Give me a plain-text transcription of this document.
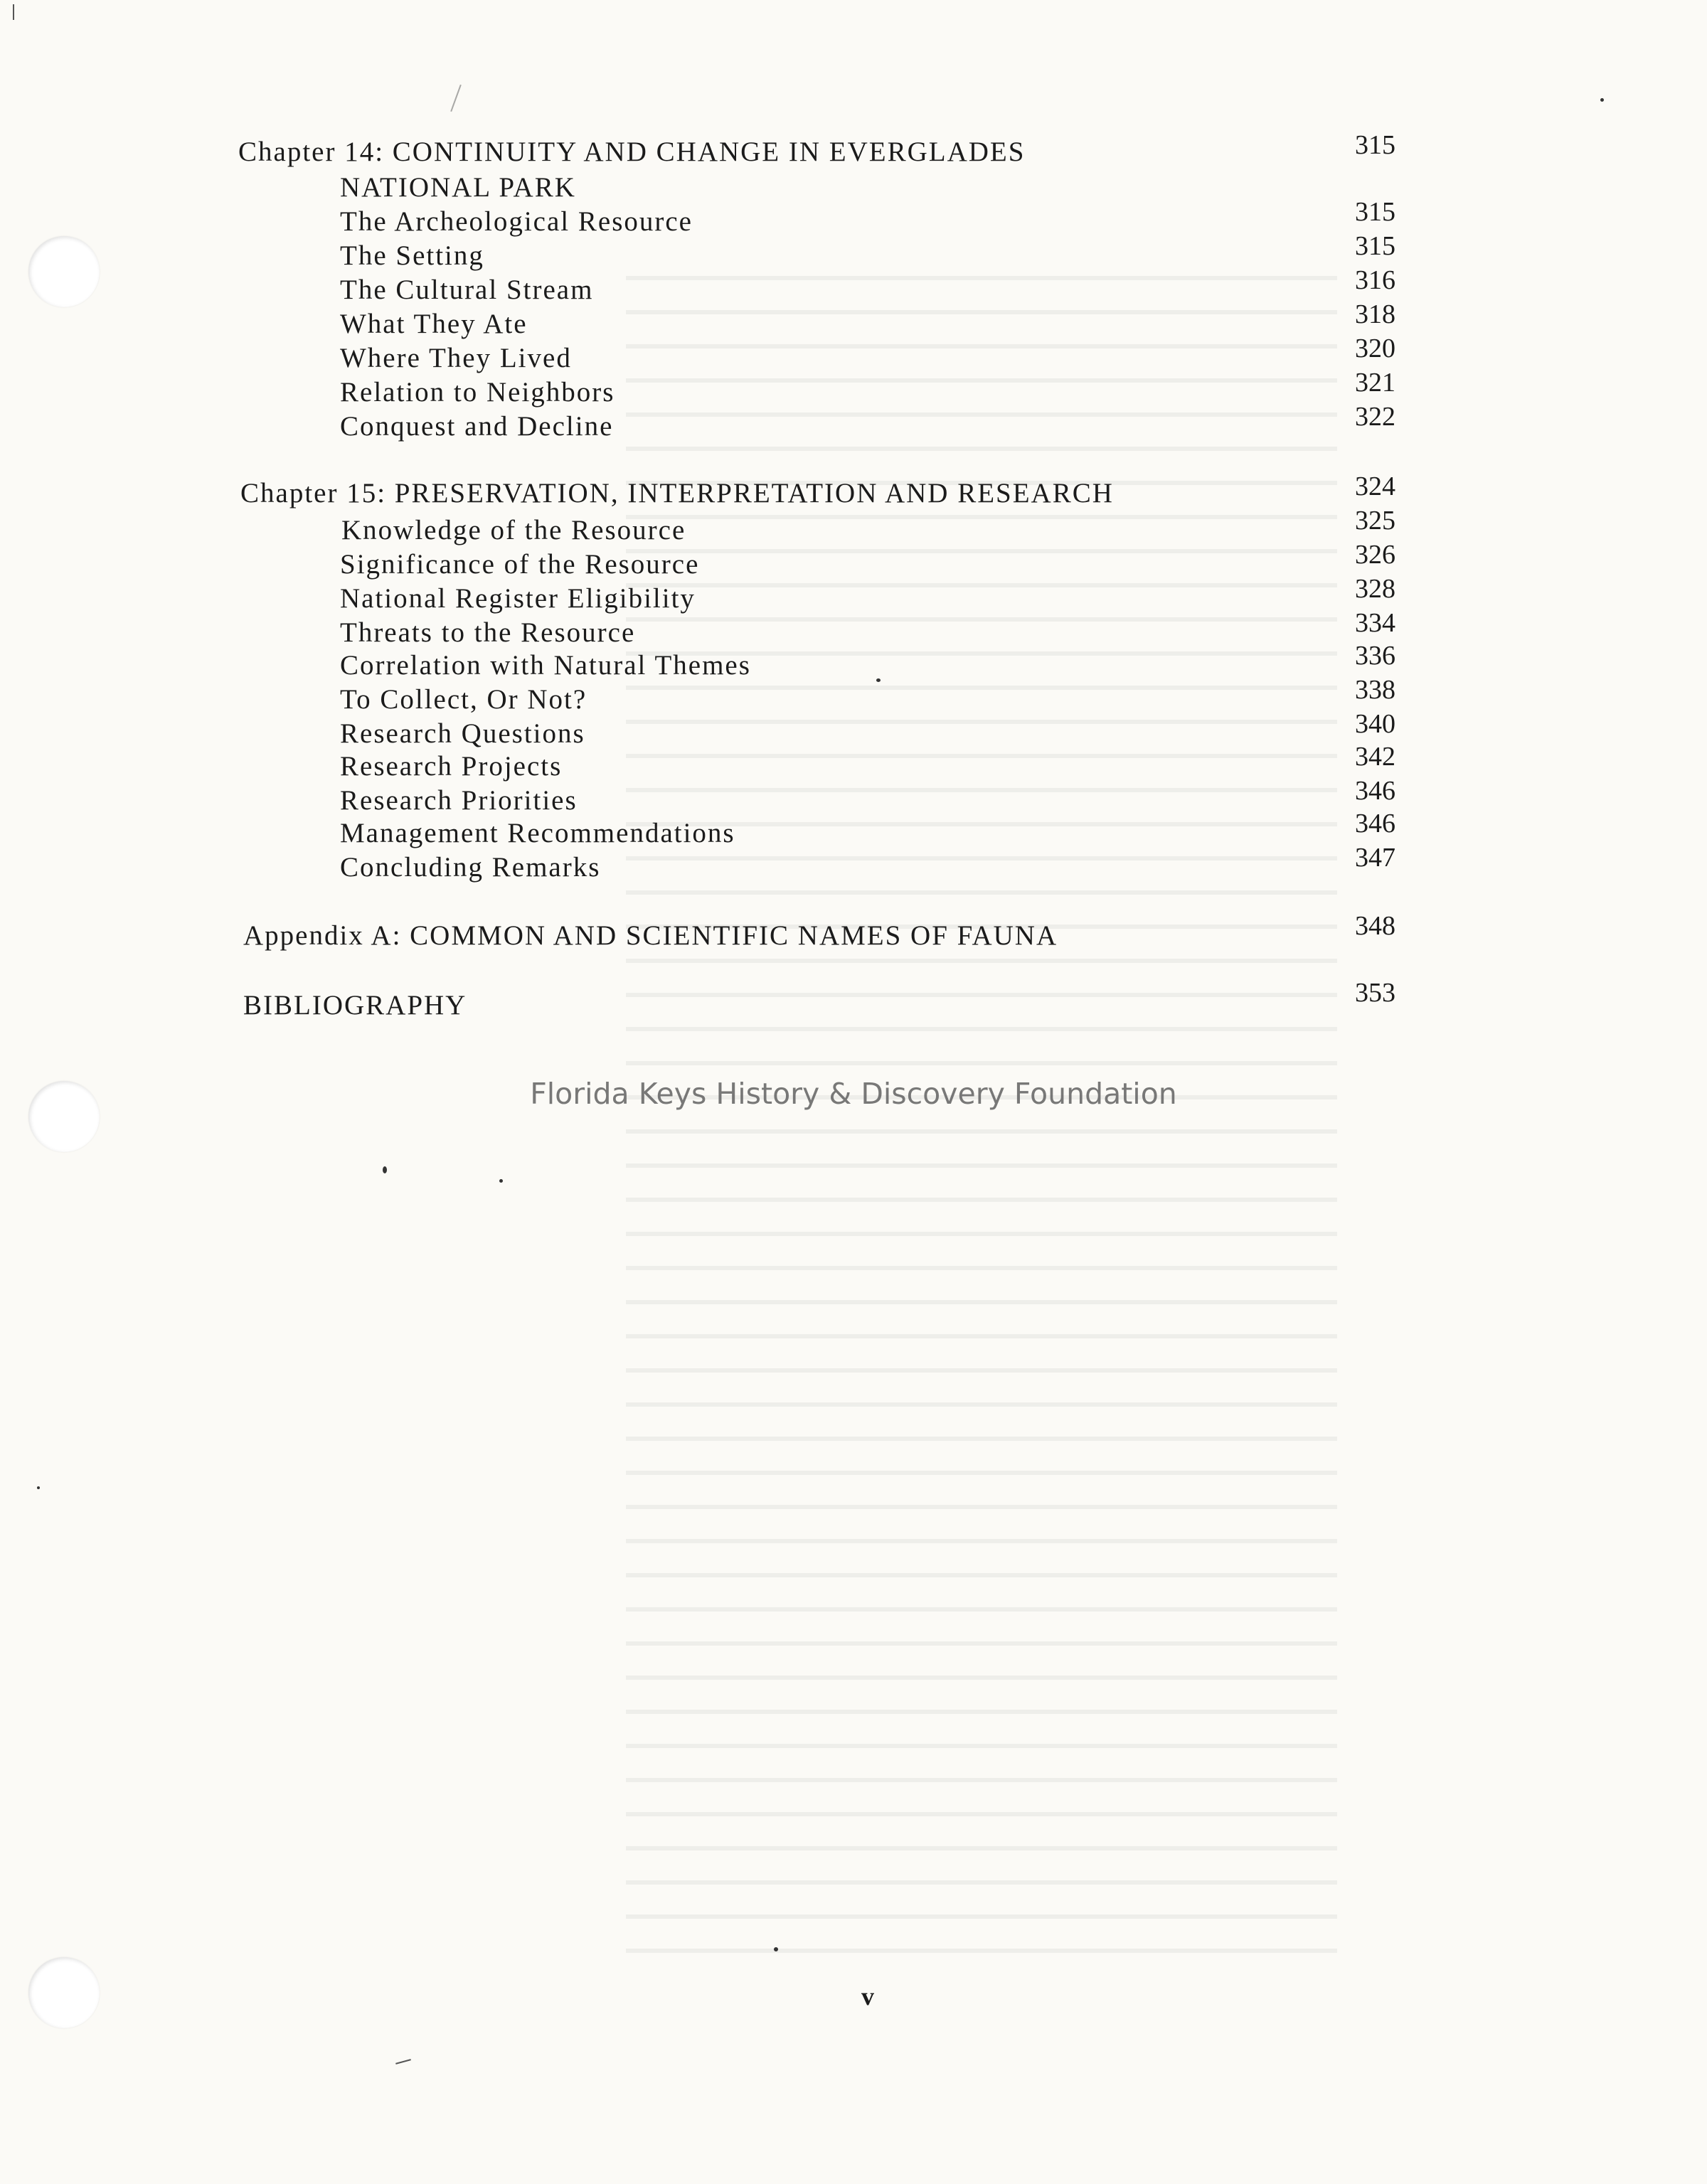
Chapter 14: CONTINUITY AND CHANGE IN EVERGLADES	315
NATIONAL PARK
The Archeological Resource	315
The Setting	315
The Cultural Stream	316
What They Ate	318
Where They Lived	320
Relation to Neighbors	321
Conquest and Decline	322
Chapter 15: PRESERVATION, INTERPRETATION AND RESEARCH	324
Knowledge of the Resource	325
Significance of the Resource	326
National Register Eligibility	328
Threats to the Resource	334
Correlation with Natural Themes	336
To Collect, Or Not?	338
Research Questions	340
Research Projects	342
Research Priorities	346
Management Recommendations	346
Concluding Remarks	347
Appendix A: COMMON AND SCIENTIFIC NAMES OF FAUNA	348
BIBLIOGRAPHY	353
Florida Keys History & Discovery Foundation
v
